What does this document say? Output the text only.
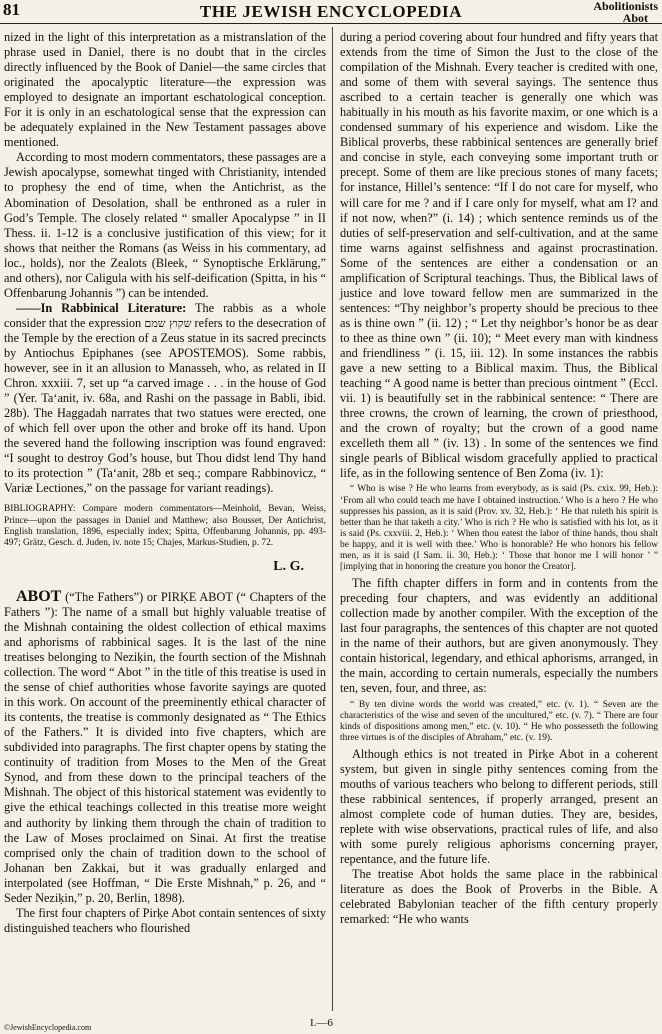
81	THE JEWISH ENCYCLOPEDIA	Abolitionists
Abot

nized in the light of this interpretation as a mistranslation of the phrase used in Daniel, there is no doubt that in the circles directly influenced by the Book of Daniel—the same circles that originated the apocalyptic literature—the expression was employed to designate an important eschatological conception. For it is only in an eschatological sense that the expression can be adequately explained in the New Testament passages above mentioned.

According to most modern commentators, these passages are a Jewish apocalypse, somewhat tinged with Christianity, intended to prophesy the end of time, when the Antichrist, as the Abomination of Desolation, shall be enthroned as a ruler in God’s Temple. The closely related “ smaller Apocalypse ” in II Thess. ii. 1-12 is a conclusive justification of this view; for it shows that neither the Romans (as Weiss in his commentary, ad loc., holds), nor the Zealots (Bleek, “ Synoptische Erklärung,” and others), nor Caligula with his self-deification (Spitta, in his “ Offenbarung Johannis ”) can be intended.

——In Rabbinical Literature: The rabbis as a whole consider that the expression שקוץ שמם refers to the desecration of the Temple by the erection of a Zeus statue in its sacred precincts by Antiochus Epiphanes (see APOSTEMOS). Some rabbis, however, see in it an allusion to Manasseh, who, as related in II Chron. xxxiii. 7, set up “a carved image . . . in the house of God ” (Yer. Ta‘anit, iv. 68a, and Rashi on the passage in Babli, ibid. 28b). The Haggadah narrates that two statues were erected, one of which fell over upon the other and broke off its hand. Upon the severed hand the following inscription was found engraved: “I sought to destroy God’s house, but Thou didst lend Thy hand to its protection ” (Ta‘anit, 28b et seq.; compare Rabbinovicz, “ Variæ Lectiones,” on the passage for variant readings).

BIBLIOGRAPHY: Compare modern commentators—Meinhold, Bevan, Weiss, Prince—upon the passages in Daniel and Matthew; also Bousset, Der Antichrist, English translation, 1896, especially index; Spitta, Offenbarung Johannis, pp. 493-497; Grätz, Gesch. d. Juden, iv. note 15; Chajes, Markus-Studien, p. 72.

L. G.

ABOT (“The Fathers”) or PIRḲE ABOT (“ Chapters of the Fathers ”): The name of a small but highly valuable treatise of the Mishnah containing the oldest collection of ethical maxims and aphorisms of rabbinical sages. It is the last of the nine treatises belonging to Neziḳin, the fourth section of the Mishnah collection. The word “ Abot ” in the title of this treatise is used in the sense of chief authorities whose favorite sayings are quoted in this work. On account of the preeminently ethical character of its contents, the treatise is commonly designated as “ The Ethics of the Fathers.” It is divided into five chapters, which are subdivided into paragraphs. The first chapter opens by stating the continuity of tradition from Moses to the Men of the Great Synod, and from these down to the principal teachers of the Mishnah. The object of this historical statement was evidently to give the ethical teachings collected in this treatise more weight and authority by linking them through the chain of tradition to the Law of Moses proclaimed on Sinai. At first the treatise comprised only the chain of tradition down to the school of Johanan ben Zakkai, but it was gradually enlarged and interpolated (see Hoffman, “ Die Erste Mishnah,” p. 26, and “ Seder Neziḳin,” p. 20, Berlin, 1898).

The first four chapters of Pirḳe Abot contain sentences of sixty distinguished teachers who flourished

during a period covering about four hundred and fifty years that extends from the time of Simon the Just to the close of the compilation of the Mishnah. Every teacher is credited with one, and some of them with several sayings. The sentence thus ascribed to a certain teacher is generally one which was habitually in his mouth as his favorite maxim, or one which is a condensed summary of his experience and wisdom. Like the Biblical proverbs, these rabbinical sentences are generally brief and concise in style, each conveying some important truth or precept. Some of them are like precious stones of many facets; for instance, Hillel’s sentence: “If I do not care for myself, who will care for me ? and if I care only for myself, what am I? and if not now, when?” (i. 14) ; which sentence reminds us of the duties of self-preservation and self-cultivation, and at the same time warns against selfishness and against procrastination. Some of the sentences are either a condensation or an amplification of Scriptural teachings. Thus, the Biblical laws of justice and love toward fellow men are summarized in the sentences: “Thy neighbor’s property should be precious to thee as is thine own ” (ii. 12) ; “ Let thy neighbor’s honor be as dear to thee as thine own ” (ii. 10); “ Meet every man with kindness and friendliness ” (i. 15, iii. 12). In some instances the rabbis gave a new setting to a Biblical maxim. Thus, the Biblical teaching “ A good name is better than precious ointment ” (Eccl. vii. 1) is beautifully set in the rabbinical sentence: “ There are three crowns, the crown of learning, the crown of priesthood, and the crown of royalty; but the crown of a good name excelleth them all ” (iv. 13) . In some of the sentences we find single pearls of Biblical wisdom gracefully applied to practical life, as in the following sentence of Ben Zoma (iv. 1):

“ Who is wise ? He who learns from everybody, as is said (Ps. cxix. 99, Heb.): ‘From all who could teach me have I obtained instruction.’ Who is a hero ? He who suppresses his passion, as it is said (Prov. xv. 32, Heb.): ‘ He that ruleth his spirit is better than he that taketh a city.’ Who is rich ? He who is satisfied with his lot, as it is said (Ps. cxxviii. 2, Heb.): ‘ When thou eatest the labor of thine hands, thou shalt be happy, and it is well with thee.’ Who is honorable? He who honors his fellow men, as it is said (I Sam. ii. 30, Heb.): ‘ Those that honor me I will honor ’ ” [implying that in honoring the creature you honor the Creator].

The fifth chapter differs in form and in contents from the preceding four chapters, and was evidently an additional collection made by another compiler. With the exception of the last four paragraphs, the sentences of this chapter are not quoted in the name of their authors, but are given anonymously. They contain historical, legendary, and ethical aphorisms, arranged, in the main, according to certain numerals, especially the numbers ten, seven, four, and three, as:

“ By ten divine words the world was created,” etc. (v. 1). “ Seven are the characteristics of the wise and seven of the uncultured,” etc. (v. 7). “ There are four kinds of dispositions among men,” etc. (v. 10). “ He who possesseth the following three virtues is of the disciples of Abraham,” etc. (v. 19).

Although ethics is not treated in Pirḳe Abot in a coherent system, but given in single pithy sentences coming from the mouths of various teachers who belong to different periods, still these rabbinical sentences, if properly arranged, present an almost complete code of human duties. They are, besides, replete with wise observations, practical rules of life, and also with some purely religious aphorisms concerning prayer, repentance, and the future life.

The treatise Abot holds the same place in the rabbinical literature as does the Book of Proverbs in the Bible. A celebrated Babylonian teacher of the fifth century properly remarked: “He who wants

I.—6
©JewishEncyclopedia.com
